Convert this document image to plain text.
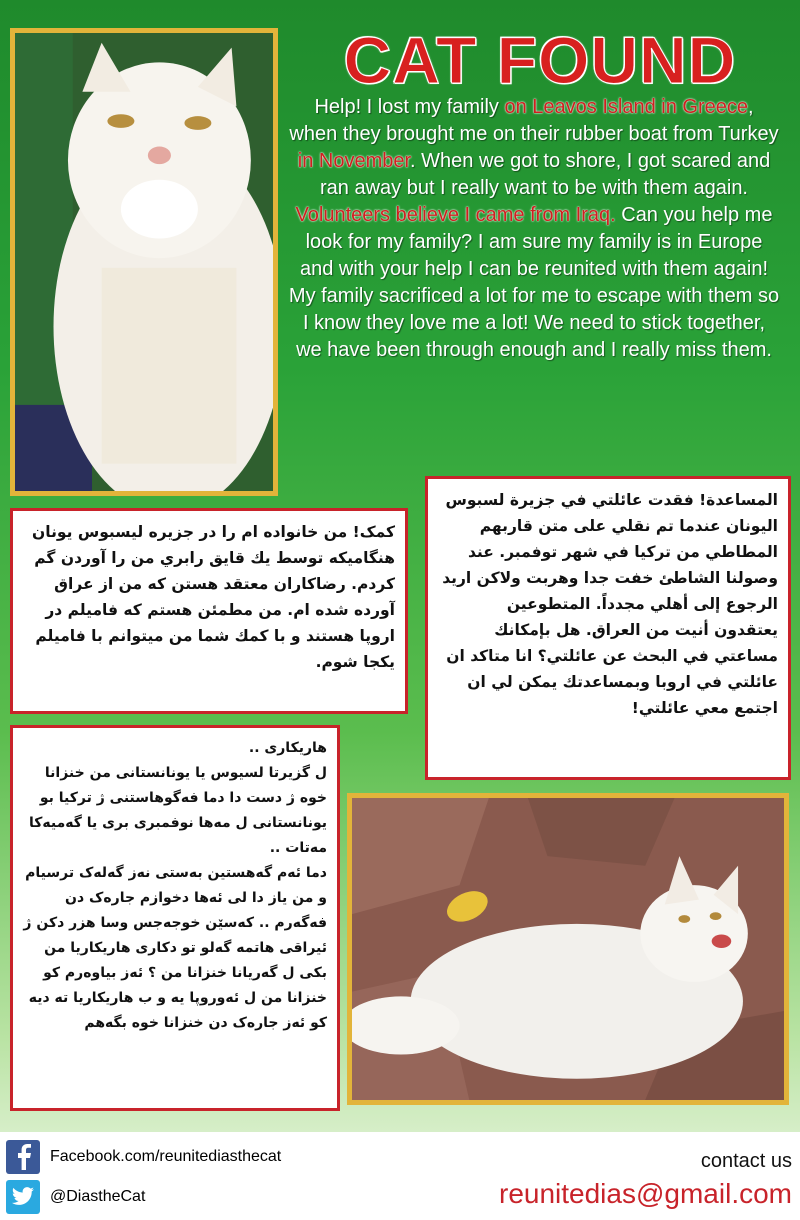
CAT FOUND
Help! I lost my family on Leavos Island in Greece, when they brought me on their rubber boat from Turkey in November. When we got to shore, I got scared and ran away but I really want to be with them again. Volunteers believe I came from Iraq. Can you help me look for my family? I am sure my family is in Europe and with your help I can be reunited with them again! My family sacrificed a lot for me to escape with them so I know they love me a lot! We need to stick together, we have been through enough and I really miss them.
المساعدة! فقدت عائلتي في جزيرة لسبوس اليونان عندما تم نقلي على متن قاربهم المطاطي من تركيا في شهر توفمبر. عند وصولنا الشاطئ خفت جدا وهربت ولاكن اريد الرجوع إلى أهلي مجدداً. المتطوعين يعتقدون أنيت من العراق. هل بإمكانك مساعتي في البحث عن عائلتي؟ انا متاكد ان عائلتي في اروبا وبمساعدتك يمكن لي ان اجتمع معي عائلتي!
کمک! من خانواده ام را در جزیره لیسبوس یونان هنگامیکه توسط یك قایق رابري من را آوردن گم کردم. رضاکاران معتقد هستن که من از عراق آورده شده ام. من مطمئن هستم که فامیلم در اروپا هستند و با کمك شما من میتوانم با فامیلم یکجا شوم.
هاریکاری ..
ل گزیرتا لسیوس یا یونانستانی من خنزانا خوه ژ دست دا دما فەگوهاستنی ژ ترکیا بو یونانستانی ل مەها نوفمبری بری یا گەمیەکا مەتات ..
دما ئەم گەهستین بەستی نەز گەلەک ترسیام و من یاز دا لی ئەها دخوازم جارەک دن فەگەرم .. کەسێن خوجەجس وسا هزر دکن ژ ئیراقی هاتمە گەلو تو دکاری هاریکاریا من بکی ل گەریانا خنزانا من ؟ ئەز بیاوەرم کو خنزانا من ل ئەوروپا یە و ب هاریکاریا تە دیە کو ئەز جارەک دن خنزانا خوه بگەهم
Facebook.com/reunitediasthecat
@DiastheCat
contact us
reunitedias@gmail.com
